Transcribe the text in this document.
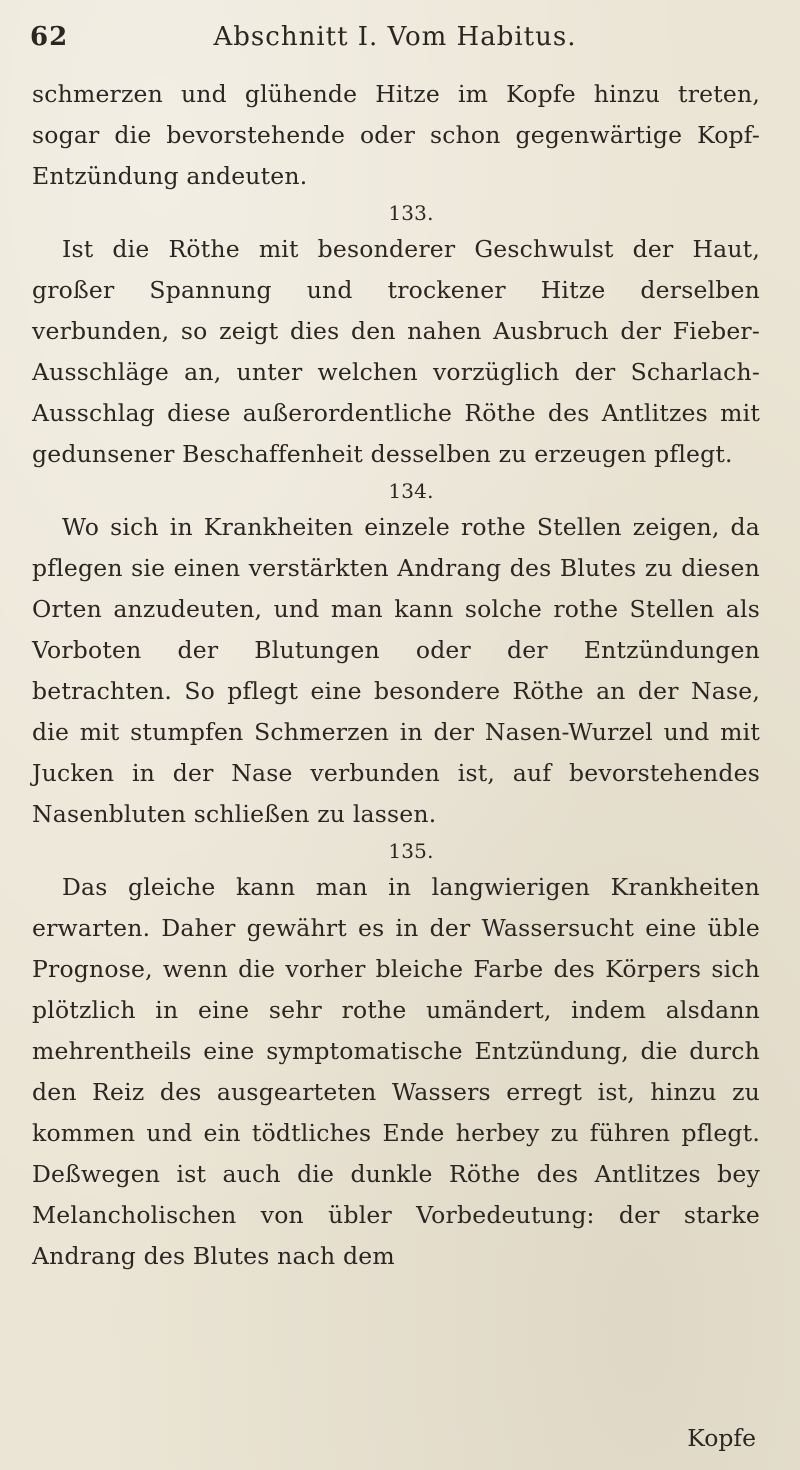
62	Abschnitt I. Vom Habitus.

schmerzen und glühende Hitze im Kopfe hinzu treten, sogar die bevorstehende oder schon gegenwärtige Kopf-Entzündung andeuten.

133.

Ist die Röthe mit besonderer Geschwulst der Haut, großer Spannung und trockener Hitze derselben verbunden, so zeigt dies den nahen Ausbruch der Fieber-Ausschläge an, unter welchen vorzüglich der Scharlach-Ausschlag diese außerordentliche Röthe des Antlitzes mit gedunsener Beschaffenheit desselben zu erzeugen pflegt.

134.

Wo sich in Krankheiten einzele rothe Stellen zeigen, da pflegen sie einen verstärkten Andrang des Blutes zu diesen Orten anzudeuten, und man kann solche rothe Stellen als Vorboten der Blutungen oder der Entzündungen betrachten. So pflegt eine besondere Röthe an der Nase, die mit stumpfen Schmerzen in der Nasen-Wurzel und mit Jucken in der Nase verbunden ist, auf bevorstehendes Nasenbluten schließen zu lassen.

135.

Das gleiche kann man in langwierigen Krankheiten erwarten. Daher gewährt es in der Wassersucht eine üble Prognose, wenn die vorher bleiche Farbe des Körpers sich plötzlich in eine sehr rothe umändert, indem alsdann mehrentheils eine symptomatische Entzündung, die durch den Reiz des ausgearteten Wassers erregt ist, hinzu zu kommen und ein tödtliches Ende herbey zu führen pflegt. Deßwegen ist auch die dunkle Röthe des Antlitzes bey Melancholischen von übler Vorbedeutung: der starke Andrang des Blutes nach dem

Kopfe
